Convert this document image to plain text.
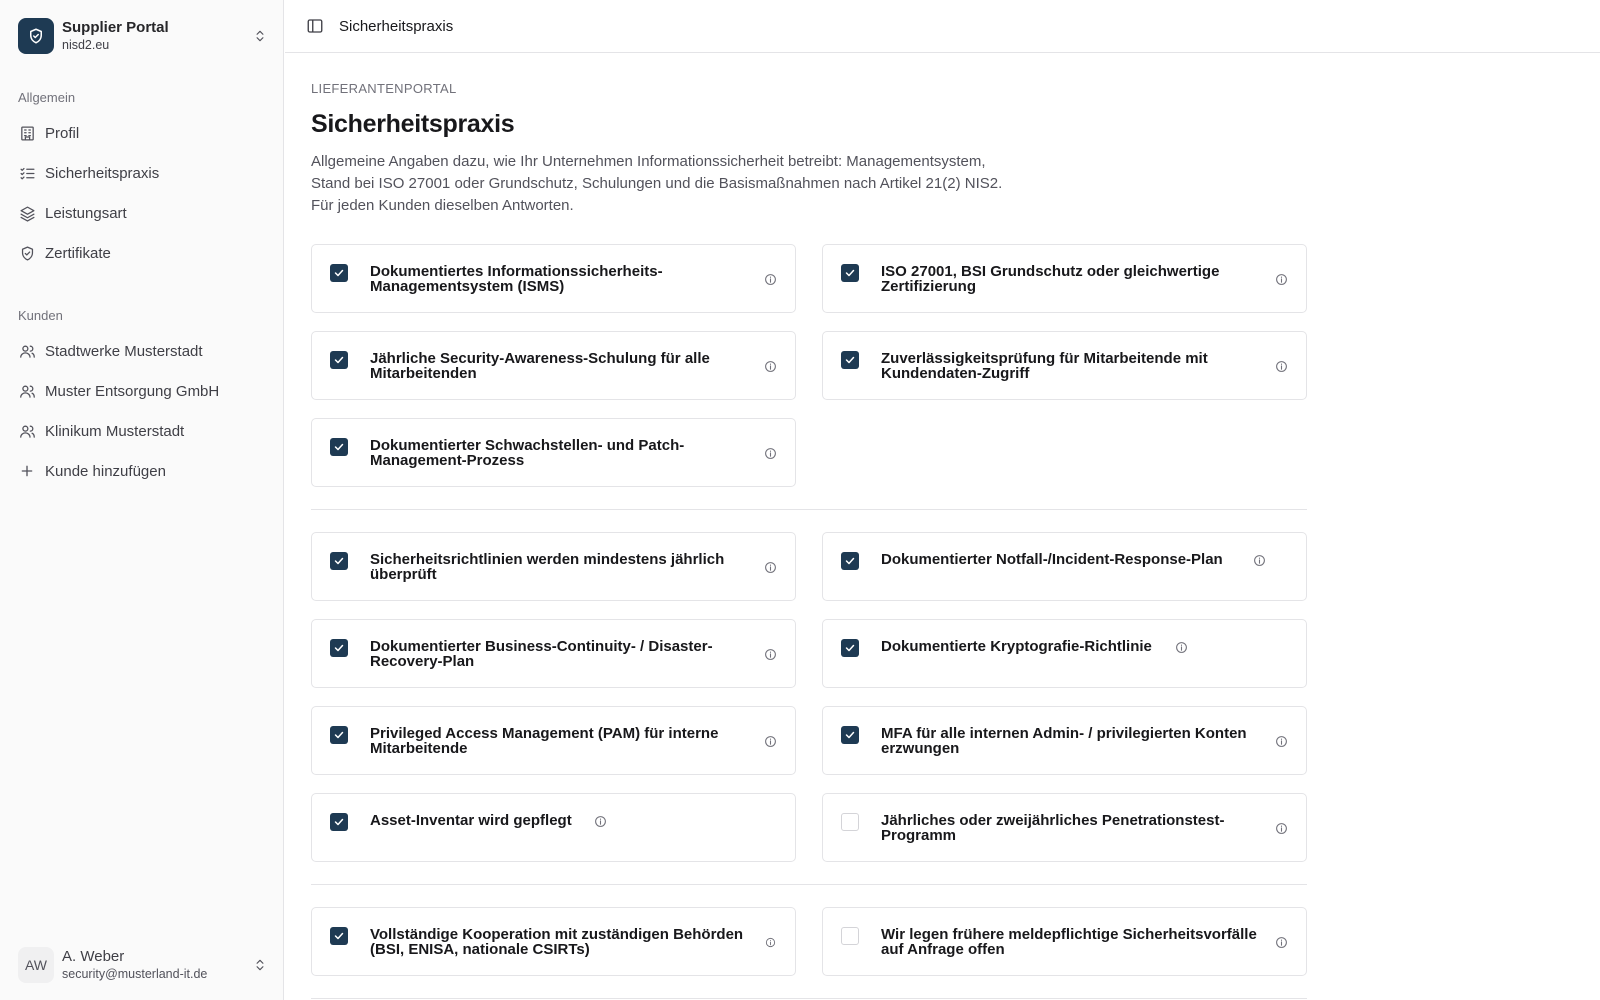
Supplier Portal
nisd2.eu
Allgemein
Profil
Sicherheitspraxis
Leistungsart
Zertifikate
Kunden
Stadtwerke Musterstadt
Muster Entsorgung GmbH
Klinikum Musterstadt
Kunde hinzufügen
AW A. Weber
security@musterland-it.de
Sicherheitspraxis
LIEFERANTENPORTAL
Sicherheitspraxis
Allgemeine Angaben dazu, wie Ihr Unternehmen Informationssicherheit betreibt: Managementsystem,
Stand bei ISO 27001 oder Grundschutz, Schulungen und die Basismaßnahmen nach Artikel 21(2) NIS2.
Für jeden Kunden dieselben Antworten.
Dokumentiertes Informationssicherheits-Managementsystem (ISMS)
ISO 27001, BSI Grundschutz oder gleichwertige Zertifizierung
Jährliche Security-Awareness-Schulung für alle Mitarbeitenden
Zuverlässigkeitsprüfung für Mitarbeitende mit Kundendaten-Zugriff
Dokumentierter Schwachstellen- und Patch-Management-Prozess
Sicherheitsrichtlinien werden mindestens jährlich überprüft
Dokumentierter Notfall-/Incident-Response-Plan
Dokumentierter Business-Continuity- / Disaster-Recovery-Plan
Dokumentierte Kryptografie-Richtlinie
Privileged Access Management (PAM) für interne Mitarbeitende
MFA für alle internen Admin- / privilegierten Konten erzwungen
Asset-Inventar wird gepflegt	Jährliches oder zweijährliches Penetrationstest-Programm
Vollständige Kooperation mit zuständigen Behörden (BSI, ENISA, nationale CSIRTs)
Wir legen frühere meldepflichtige Sicherheitsvorfälle auf Anfrage offen
